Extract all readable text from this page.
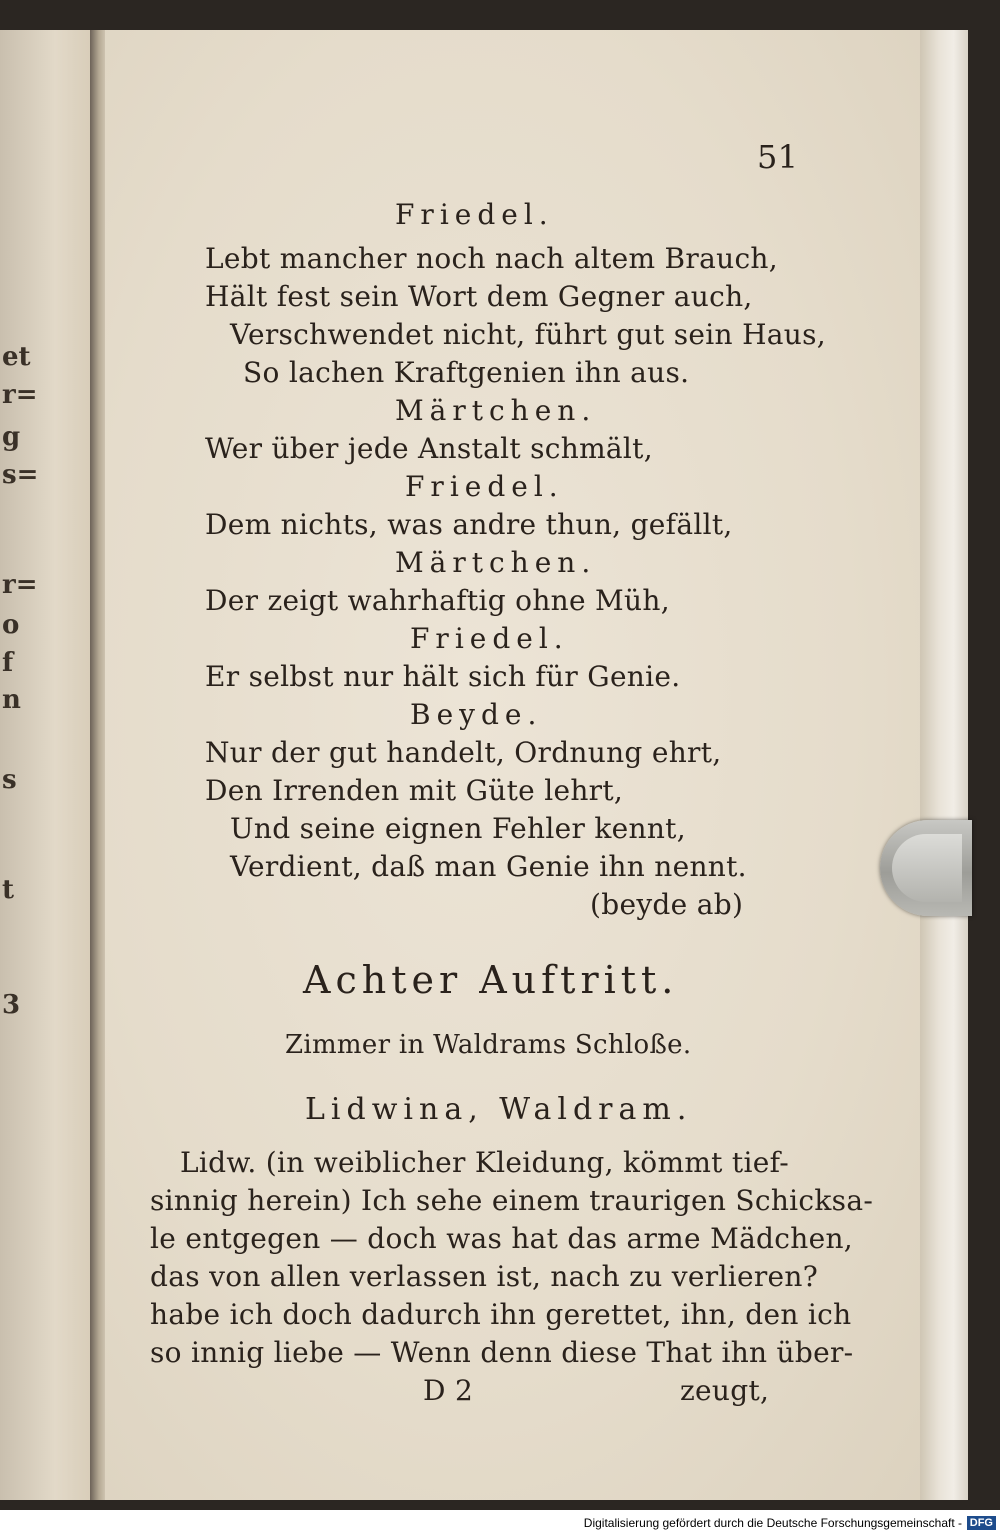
et
r=
g
s=
r=
o
f
n
s
t
3
51
Friedel.
Lebt mancher noch nach altem Brauch,
Hält fest sein Wort dem Gegner auch,
Verschwendet nicht, führt gut sein Haus,
So lachen Kraftgenien ihn aus.
Märtchen.
Wer über jede Anstalt schmält,
Friedel.
Dem nichts, was andre thun, gefällt,
Märtchen.
Der zeigt wahrhaftig ohne Müh,
Friedel.
Er selbst nur hält sich für Genie.
Beyde.
Nur der gut handelt, Ordnung ehrt,
Den Irrenden mit Güte lehrt,
Und seine eignen Fehler kennt,
Verdient, daß man Genie ihn nennt.
(beyde ab)
Achter Auftritt.
Zimmer in Waldrams Schloße.
Lidwina, Waldram.
Lidw. (in weiblicher Kleidung, kömmt tief-
sinnig herein) Ich sehe einem traurigen Schicksa-
le entgegen — doch was hat das arme Mädchen,
das von allen verlassen ist, nach zu verlieren?
habe ich doch dadurch ihn gerettet, ihn, den ich
so innig liebe — Wenn denn diese That ihn über-
D 2	zeugt,
Digitalisierung gefördert durch die Deutsche Forschungsgemeinschaft - DFG
